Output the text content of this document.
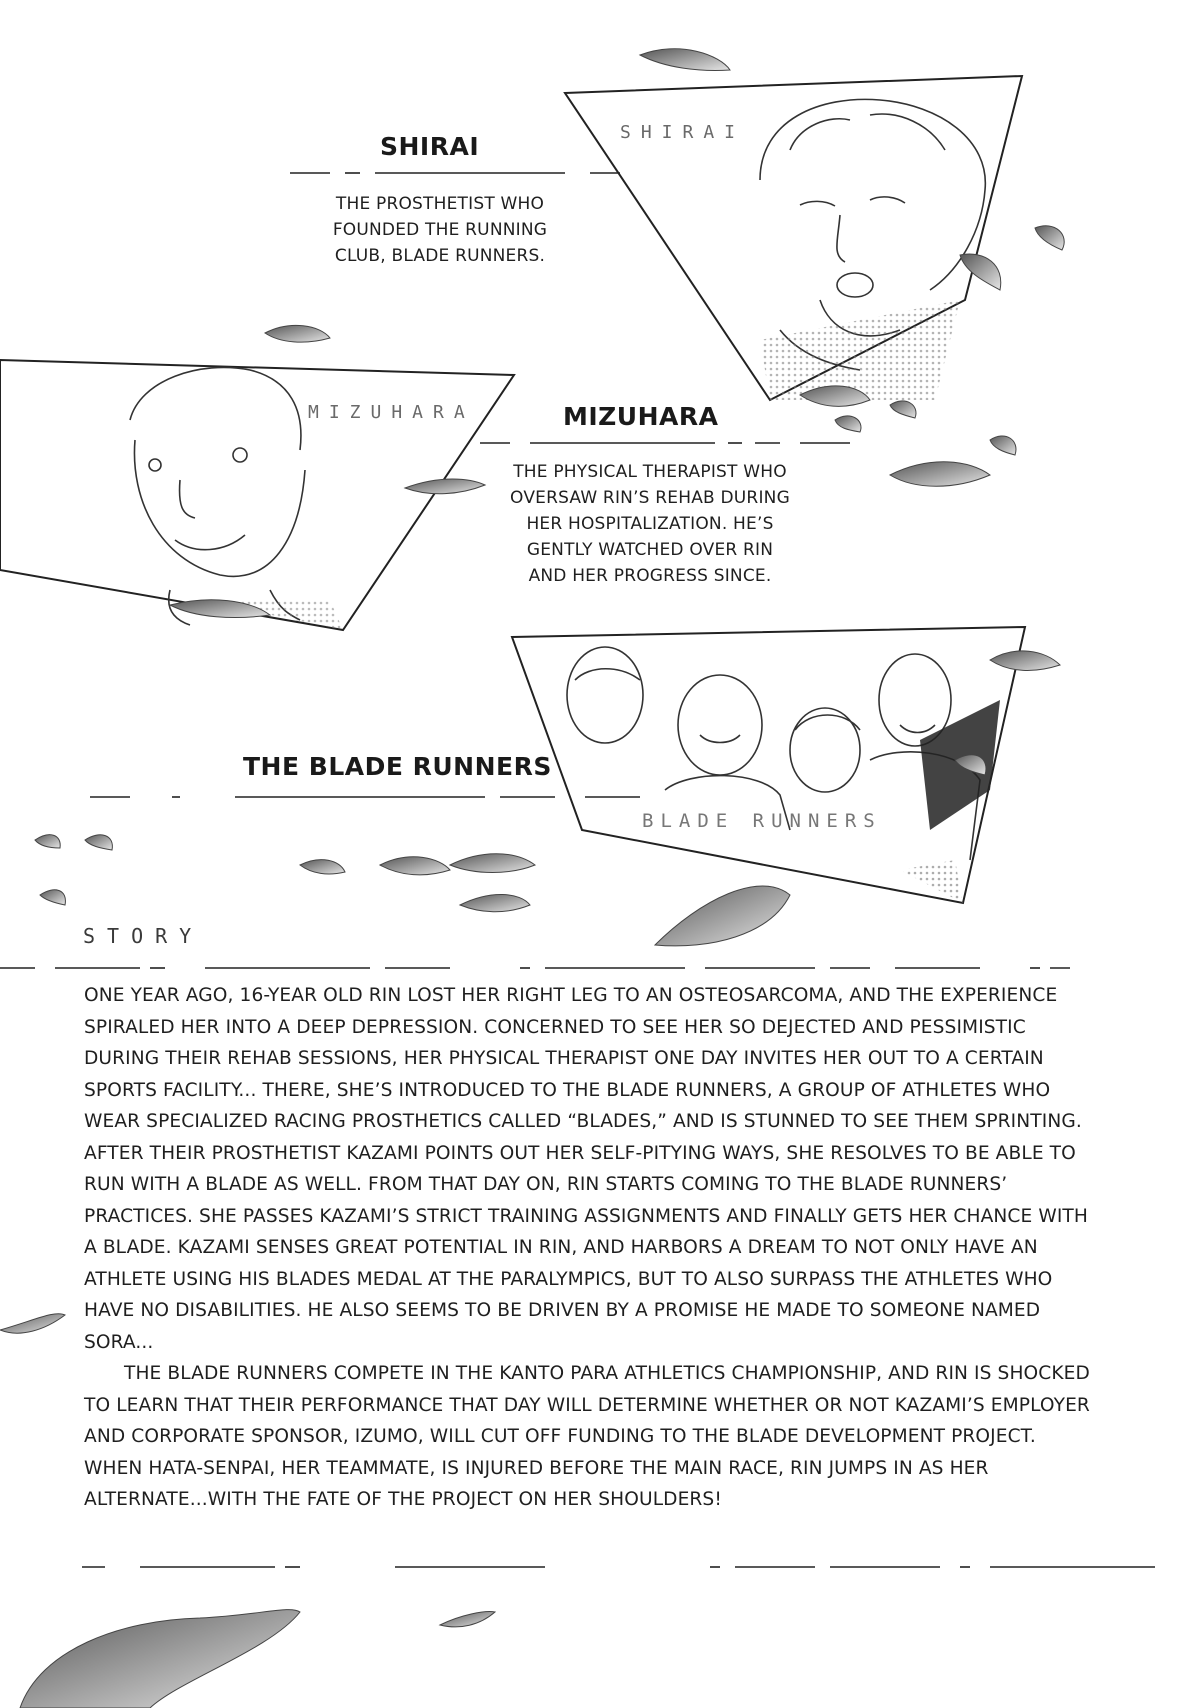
SHIRAI
MIZUHARA
BLADE RUNNERS
SHIRAI
THE PROSTHETIST WHO
FOUNDED THE RUNNING
CLUB, BLADE RUNNERS.
MIZUHARA
THE PHYSICAL THERAPIST WHO
OVERSAW RIN’S REHAB DURING
HER HOSPITALIZATION. HE’S
GENTLY WATCHED OVER RIN
AND HER PROGRESS SINCE.
THE BLADE RUNNERS
STORY

ONE YEAR AGO, 16-YEAR OLD RIN LOST HER RIGHT LEG TO AN OSTEOSARCOMA, AND THE EXPERIENCE SPIRALED HER INTO A DEEP DEPRESSION. CONCERNED TO SEE HER SO DEJECTED AND PESSIMISTIC DURING THEIR REHAB SESSIONS, HER PHYSICAL THERAPIST ONE DAY INVITES HER OUT TO A CERTAIN SPORTS FACILITY... THERE, SHE’S INTRODUCED TO THE BLADE RUNNERS, A GROUP OF ATHLETES WHO WEAR SPECIALIZED RACING PROSTHETICS CALLED “BLADES,” AND IS STUNNED TO SEE THEM SPRINTING. AFTER THEIR PROSTHETIST KAZAMI POINTS OUT HER SELF-PITYING WAYS, SHE RESOLVES TO BE ABLE TO RUN WITH A BLADE AS WELL. FROM THAT DAY ON, RIN STARTS COMING TO THE BLADE RUNNERS’ PRACTICES. SHE PASSES KAZAMI’S STRICT TRAINING ASSIGNMENTS AND FINALLY GETS HER CHANCE WITH A BLADE. KAZAMI SENSES GREAT POTENTIAL IN RIN, AND HARBORS A DREAM TO NOT ONLY HAVE AN ATHLETE USING HIS BLADES MEDAL AT THE PARALYMPICS, BUT TO ALSO SURPASS THE ATHLETES WHO HAVE NO DISABILITIES. HE ALSO SEEMS TO BE DRIVEN BY A PROMISE HE MADE TO SOMEONE NAMED SORA...

THE BLADE RUNNERS COMPETE IN THE KANTO PARA ATHLETICS CHAMPIONSHIP, AND RIN IS SHOCKED TO LEARN THAT THEIR PERFORMANCE THAT DAY WILL DETERMINE WHETHER OR NOT KAZAMI’S EMPLOYER AND CORPORATE SPONSOR, IZUMO, WILL CUT OFF FUNDING TO THE BLADE DEVELOPMENT PROJECT. WHEN HATA-SENPAI, HER TEAMMATE, IS INJURED BEFORE THE MAIN RACE, RIN JUMPS IN AS HER ALTERNATE...WITH THE FATE OF THE PROJECT ON HER SHOULDERS!
